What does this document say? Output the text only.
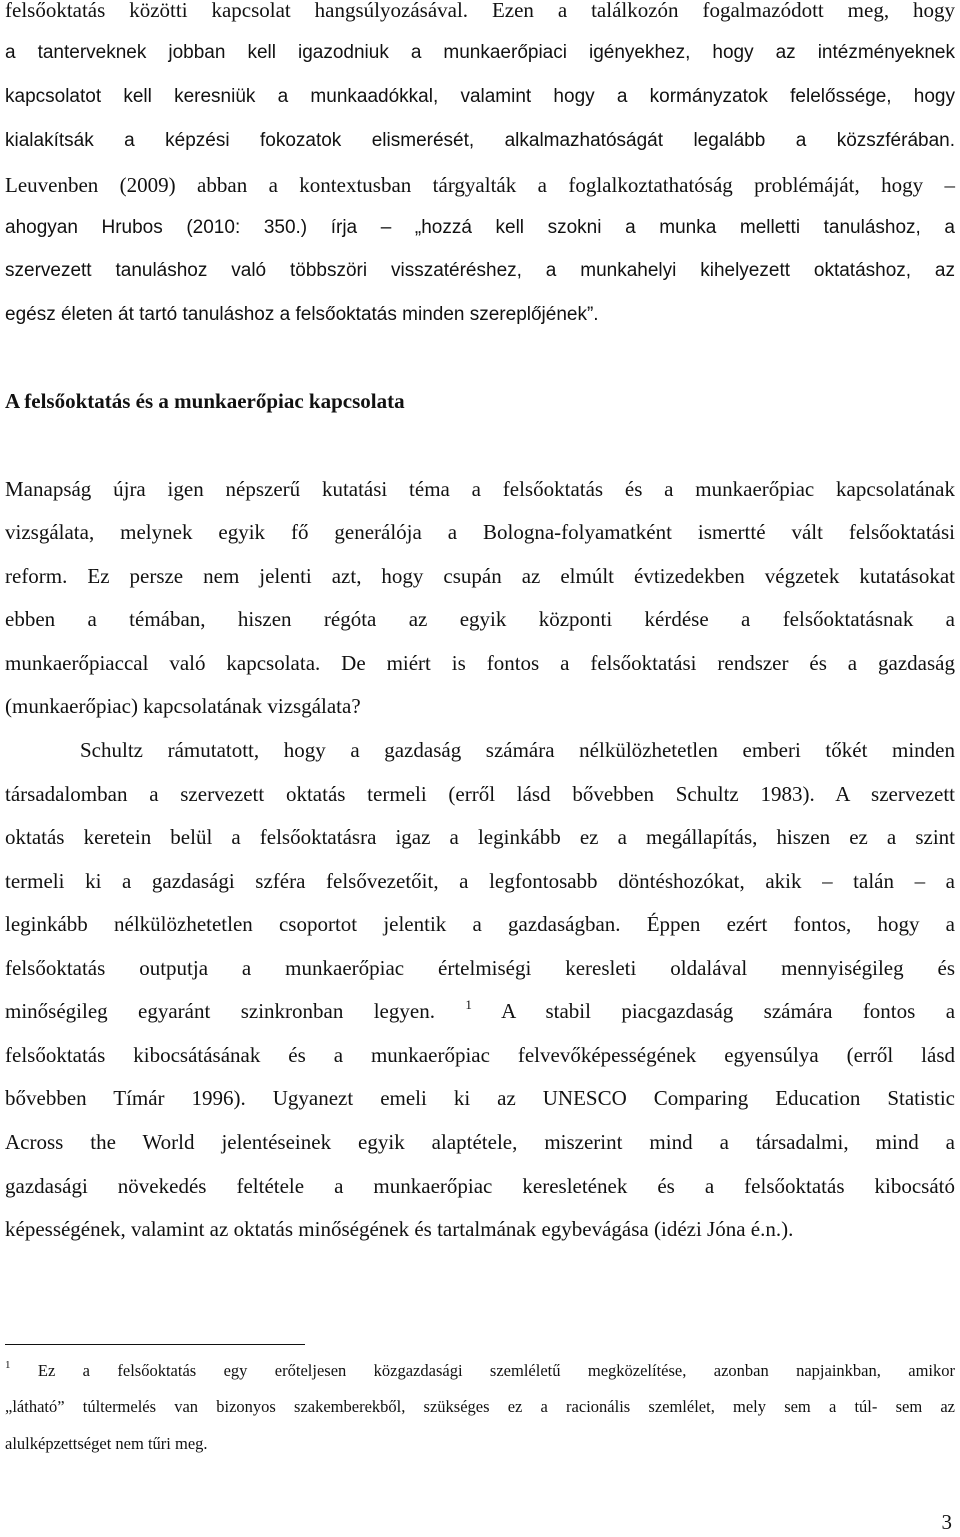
felsőoktatás közötti kapcsolat hangsúlyozásával. Ezen a találkozón fogalmazódott meg, hogy
a tanterveknek jobban kell igazodniuk a munkaerőpiaci igényekhez, hogy az intézményeknek
kapcsolatot kell keresniük a munkaadókkal, valamint hogy a kormányzatok felelőssége, hogy
kialakítsák a képzési fokozatok elismerését, alkalmazhatóságát legalább a közszférában.
Leuvenben (2009) abban a kontextusban tárgyalták a foglalkoztathatóság problémáját, hogy –
ahogyan Hrubos (2010: 350.) írja – „hozzá kell szokni a munka melletti tanuláshoz, a
szervezett tanuláshoz való többszöri visszatéréshez, a munkahelyi kihelyezett oktatáshoz, az
egész életen át tartó tanuláshoz a felsőoktatás minden szereplőjének”.
A felsőoktatás és a munkaerőpiac kapcsolata
Manapság újra igen népszerű kutatási téma a felsőoktatás és a munkaerőpiac kapcsolatának
vizsgálata, melynek egyik fő generálója a Bologna-folyamatként ismertté vált felsőoktatási
reform. Ez persze nem jelenti azt, hogy csupán az elmúlt évtizedekben végzetek kutatásokat
ebben a témában, hiszen régóta az egyik központi kérdése a felsőoktatásnak a
munkaerőpiaccal való kapcsolata. De miért is fontos a felsőoktatási rendszer és a gazdaság
(munkaerőpiac) kapcsolatának vizsgálata?
Schultz rámutatott, hogy a gazdaság számára nélkülözhetetlen emberi tőkét minden
társadalomban a szervezett oktatás termeli (erről lásd bővebben Schultz 1983). A szervezett
oktatás keretein belül a felsőoktatásra igaz a leginkább ez a megállapítás, hiszen ez a szint
termeli ki a gazdasági szféra felsővezetőit, a legfontosabb döntéshozókat, akik – talán – a
leginkább nélkülözhetetlen csoportot jelentik a gazdaságban. Éppen ezért fontos, hogy a
felsőoktatás outputja a munkaerőpiac értelmiségi keresleti oldalával mennyiségileg és
minőségileg egyaránt szinkronban legyen. $^1$ A stabil piacgazdaság számára fontos a
felsőoktatás kibocsátásának és a munkaerőpiac felvevőképességének egyensúlya (erről lásd
bővebben Tímár 1996). Ugyanezt emeli ki az UNESCO Comparing Education Statistic
Across the World jelentéseinek egyik alaptétele, miszerint mind a társadalmi, mind a
gazdasági növekedés feltétele a munkaerőpiac keresletének és a felsőoktatás kibocsátó
képességének, valamint az oktatás minőségének és tartalmának egybevágása (idézi Jóna é.n.).
$^1$ Ez a felsőoktatás egy erőteljesen közgazdasági szemléletű megközelítése, azonban napjainkban, amikor
„látható” túltermelés van bizonyos szakemberekből, szükséges ez a racionális szemlélet, mely sem a túl- sem az
alulképzettséget nem tűri meg.
3
